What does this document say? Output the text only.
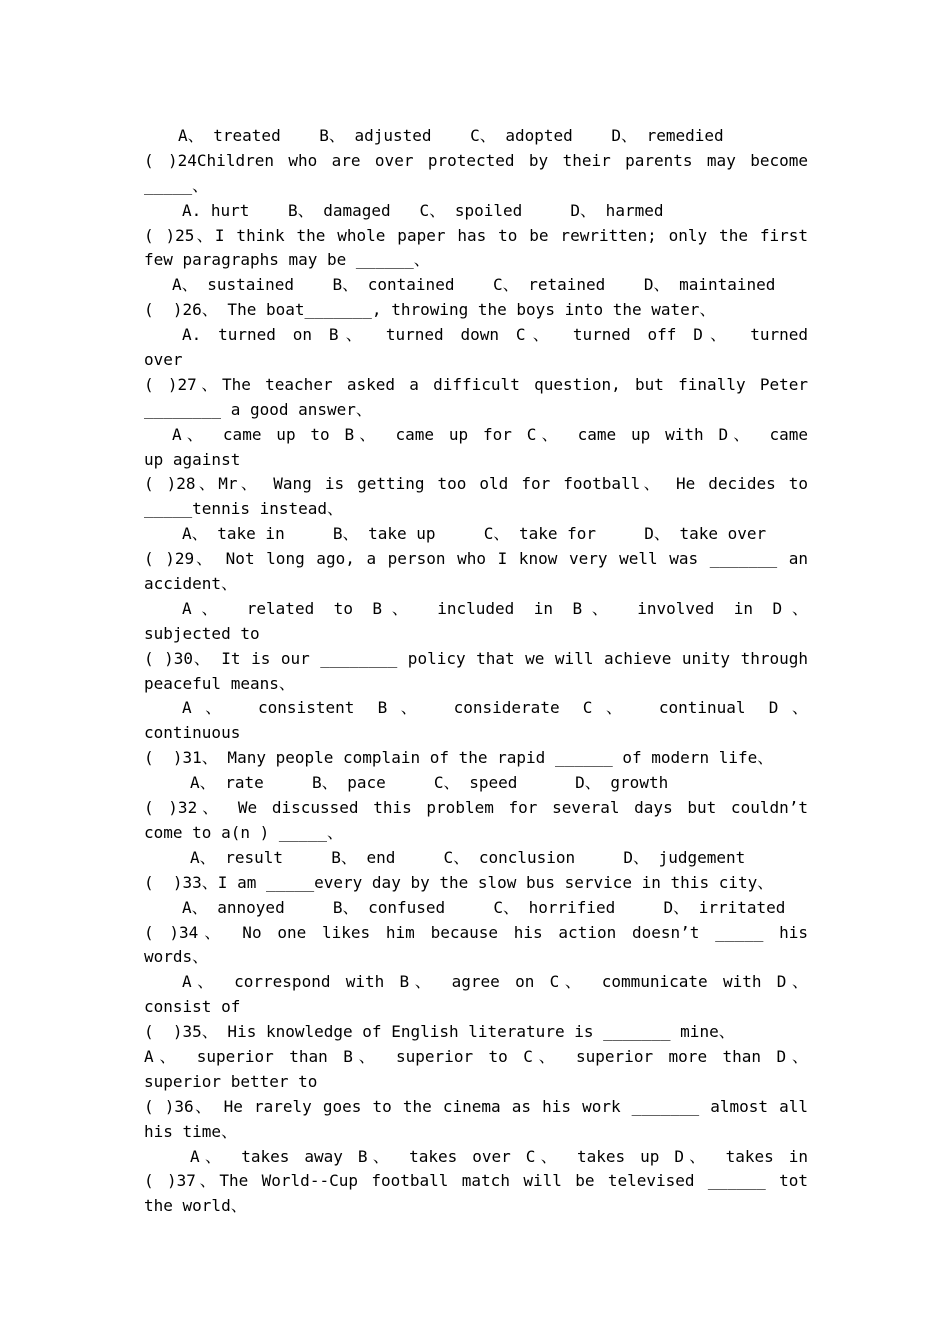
A、 treated    B、 adjusted    C、 adopted    D、 remedied
( )24Children who are over protected by their parents may become
_____、
A. hurt    B、 damaged   C、 spoiled     D、 harmed
( )25、I think the whole paper has to be rewritten; only the first
few paragraphs may be ______、
A、 sustained    B、 contained    C、 retained    D、 maintained
(  )26、 The boat_______, throwing the boys into the water、
A. turned on B、 turned down C、 turned off D、 turned
over
( )27、The teacher asked a difficult question, but finally Peter
________ a good answer、
A、 came up to B、 came up for C、 came up with D、 came
up against
( )28、Mr、 Wang is getting too old for football、 He decides to
_____tennis instead、
A、 take in     B、 take up     C、 take for     D、 take over
( )29、 Not long ago, a person who I know very well was _______ an
accident、
A、 related to B、 included in B、 involved in D、
subjected to
( )30、 It is our ________ policy that we will achieve unity through
peaceful means、
A、 consistent B、 considerate C、 continual D、
continuous
(  )31、 Many people complain of the rapid ______ of modern life、
A、 rate     B、 pace     C、 speed      D、 growth
( )32、 We discussed this problem for several days but couldn’t
come to a(n ) _____、
A、 result     B、 end     C、 conclusion     D、 judgement
(  )33、I am _____every day by the slow bus service in this city、
A、 annoyed     B、 confused     C、 horrified     D、 irritated
( )34、 No one likes him because his action doesn’t _____ his
words、
A、 correspond with B、 agree on C、 communicate with D、
consist of
(  )35、 His knowledge of English literature is _______ mine、
A、 superior than B、 superior to C、 superior more than D、
superior better to
( )36、 He rarely goes to the cinema as his work _______ almost all
his time、
A、 takes away B、 takes over C、 takes up D、 takes in
( )37、The World--Cup football match will be televised ______ tot
the world、
